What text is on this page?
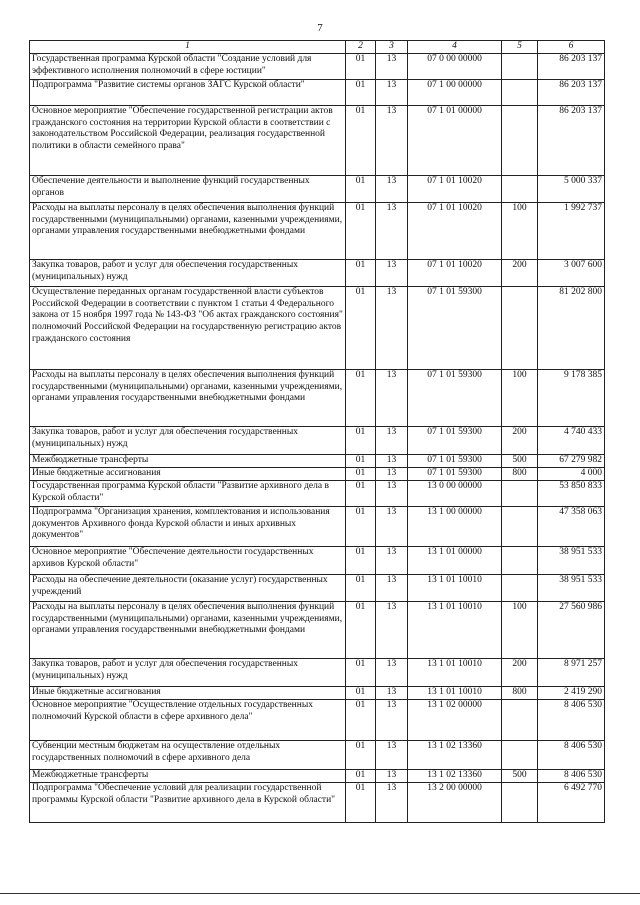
7
1	2	3	4	5	6
Государственная программа Курской области "Создание условий для эффективного исполнения полномочий в сфере юстиции"	01	13	07 0 00 00000		86 203 137
Подпрограмма "Развитие системы органов ЗАГС Курской области"	01	13	07 1 00 00000		86 203 137
Основное мероприятие "Обеспечение государственной регистрации актов гражданского состояния на территории Курской области в соответствии с законодательством Российской Федерации, реализация государственной политики в области семейного права"	01	13	07 1 01 00000		86 203 137
Обеспечение деятельности и выполнение функций государственных органов	01	13	07 1 01 10020		5 000 337
Расходы на выплаты персоналу в целях обеспечения выполнения функций государственными (муниципальными) органами, казенными учреждениями, органами управления государственными внебюджетными фондами	01	13	07 1 01 10020	100	1 992 737
Закупка товаров, работ и услуг для обеспечения государственных (муниципальных) нужд	01	13	07 1 01 10020	200	3 007 600
Осуществление переданных органам государственной власти субъектов Российской Федерации в соответствии с пунктом 1 статьи 4 Федерального закона от 15 ноября 1997 года № 143-ФЗ "Об актах гражданского состояния" полномочий Российской Федерации на государственную регистрацию актов гражданского состояния	01	13	07 1 01 59300		81 202 800
Расходы на выплаты персоналу в целях обеспечения выполнения функций государственными (муниципальными) органами, казенными учреждениями, органами управления государственными внебюджетными фондами	01	13	07 1 01 59300	100	9 178 385
Закупка товаров, работ и услуг для обеспечения государственных (муниципальных) нужд	01	13	07 1 01 59300	200	4 740 433
Межбюджетные трансферты	01	13	07 1 01 59300	500	67 279 982
Иные бюджетные ассигнования	01	13	07 1 01 59300	800	4 000
Государственная программа Курской области "Развитие архивного дела в Курской области"	01	13	13 0 00 00000		53 850 833
Подпрограмма "Организация хранения, комплектования и использования документов Архивного фонда Курской области и иных архивных документов"	01	13	13 1 00 00000		47 358 063
Основное мероприятие "Обеспечение деятельности государственных архивов Курской области"	01	13	13 1 01 00000		38 951 533
Расходы на обеспечение деятельности (оказание услуг) государственных учреждений	01	13	13 1 01 10010		38 951 533
Расходы на выплаты персоналу в целях обеспечения выполнения функций государственными (муниципальными) органами, казенными учреждениями, органами управления государственными внебюджетными фондами	01	13	13 1 01 10010	100	27 560 986
Закупка товаров, работ и услуг для обеспечения государственных (муниципальных) нужд	01	13	13 1 01 10010	200	8 971 257
Иные бюджетные ассигнования	01	13	13 1 01 10010	800	2 419 290
Основное мероприятие "Осуществление отдельных государственных полномочий Курской области в сфере архивного дела"	01	13	13 1 02 00000		8 406 530
Субвенции местным бюджетам на осуществление отдельных государственных полномочий в сфере архивного дела	01	13	13 1 02 13360		8 406 530
Межбюджетные трансферты	01	13	13 1 02 13360	500	8 406 530
Подпрограмма "Обеспечение условий для реализации государственной программы Курской области "Развитие архивного дела в Курской области"	01	13	13 2 00 00000		6 492 770
